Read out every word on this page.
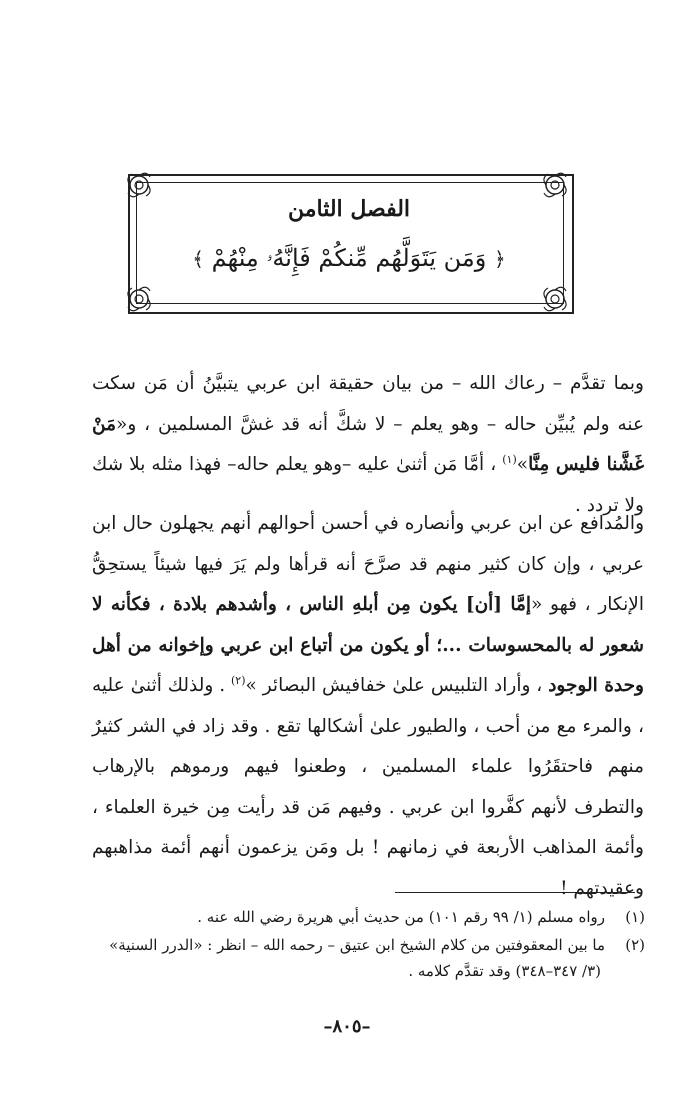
الفصل الثامن
﴿ وَمَن يَتَوَلَّهُم مِّنكُمْ فَإِنَّهُۥ مِنْهُمْ ﴾

وبما تقدَّم – رعاك الله – من بيان حقيقة ابن عربي يتبيَّنُ أن مَن سكت عنه ولم يُبيِّن حاله – وهو يعلم – لا شكَّ أنه قد غشَّ المسلمين ، و«مَنْ غَشَّنا فليس مِنَّا»$^{(١)}$ ، أمَّا مَن أثنىٰ عليه –وهو يعلم حاله– فهذا مثله بلا شك ولا تردد .

والمُدافع عن ابن عربي وأنصاره في أحسن أحوالهم أنهم يجهلون حال ابن عربي ، وإن كان كثير منهم قد صرَّحَ أنه قرأها ولم يَرَ فيها شيئاً يستحِقُّ الإنكار ، فهو «إمَّا [أن] يكون مِن أبلهِ الناس ، وأشدهم بلادة ، فكأنه لا شعور له بالمحسوسات ...؛ أو يكون من أتباع ابن عربي وإخوانه من أهل وحدة الوجود ، وأراد التلبيس علىٰ خفافيش البصائر »$^{(٢)}$ . ولذلك أثنىٰ عليه ، والمرء مع من أحب ، والطيور علىٰ أشكالها تقع . وقد زاد في الشر كثيرٌ منهم فاحتقَرُوا علماء المسلمين ، وطعنوا فيهم ورموهم بالإرهاب والتطرف لأنهم كفَّروا ابن عربي . وفيهم مَن قد رأيت مِن خيرة العلماء ، وأئمة المذاهب الأربعة في زمانهم ! بل ومَن يزعمون أنهم أئمة مذاهبهم وعقيدتهم !

(١)رواه مسلم (١/ ٩٩ رقم ١٠١) من حديث أبي هريرة رضي الله عنه .
(٢)ما بين المعقوفتين من كلام الشيخ ابن عتيق – رحمه الله – انظر : «الدرر السنية»
(٣/ ٣٤٧–٣٤٨) وقد تقدَّم كلامه .
–٨٠٥–
